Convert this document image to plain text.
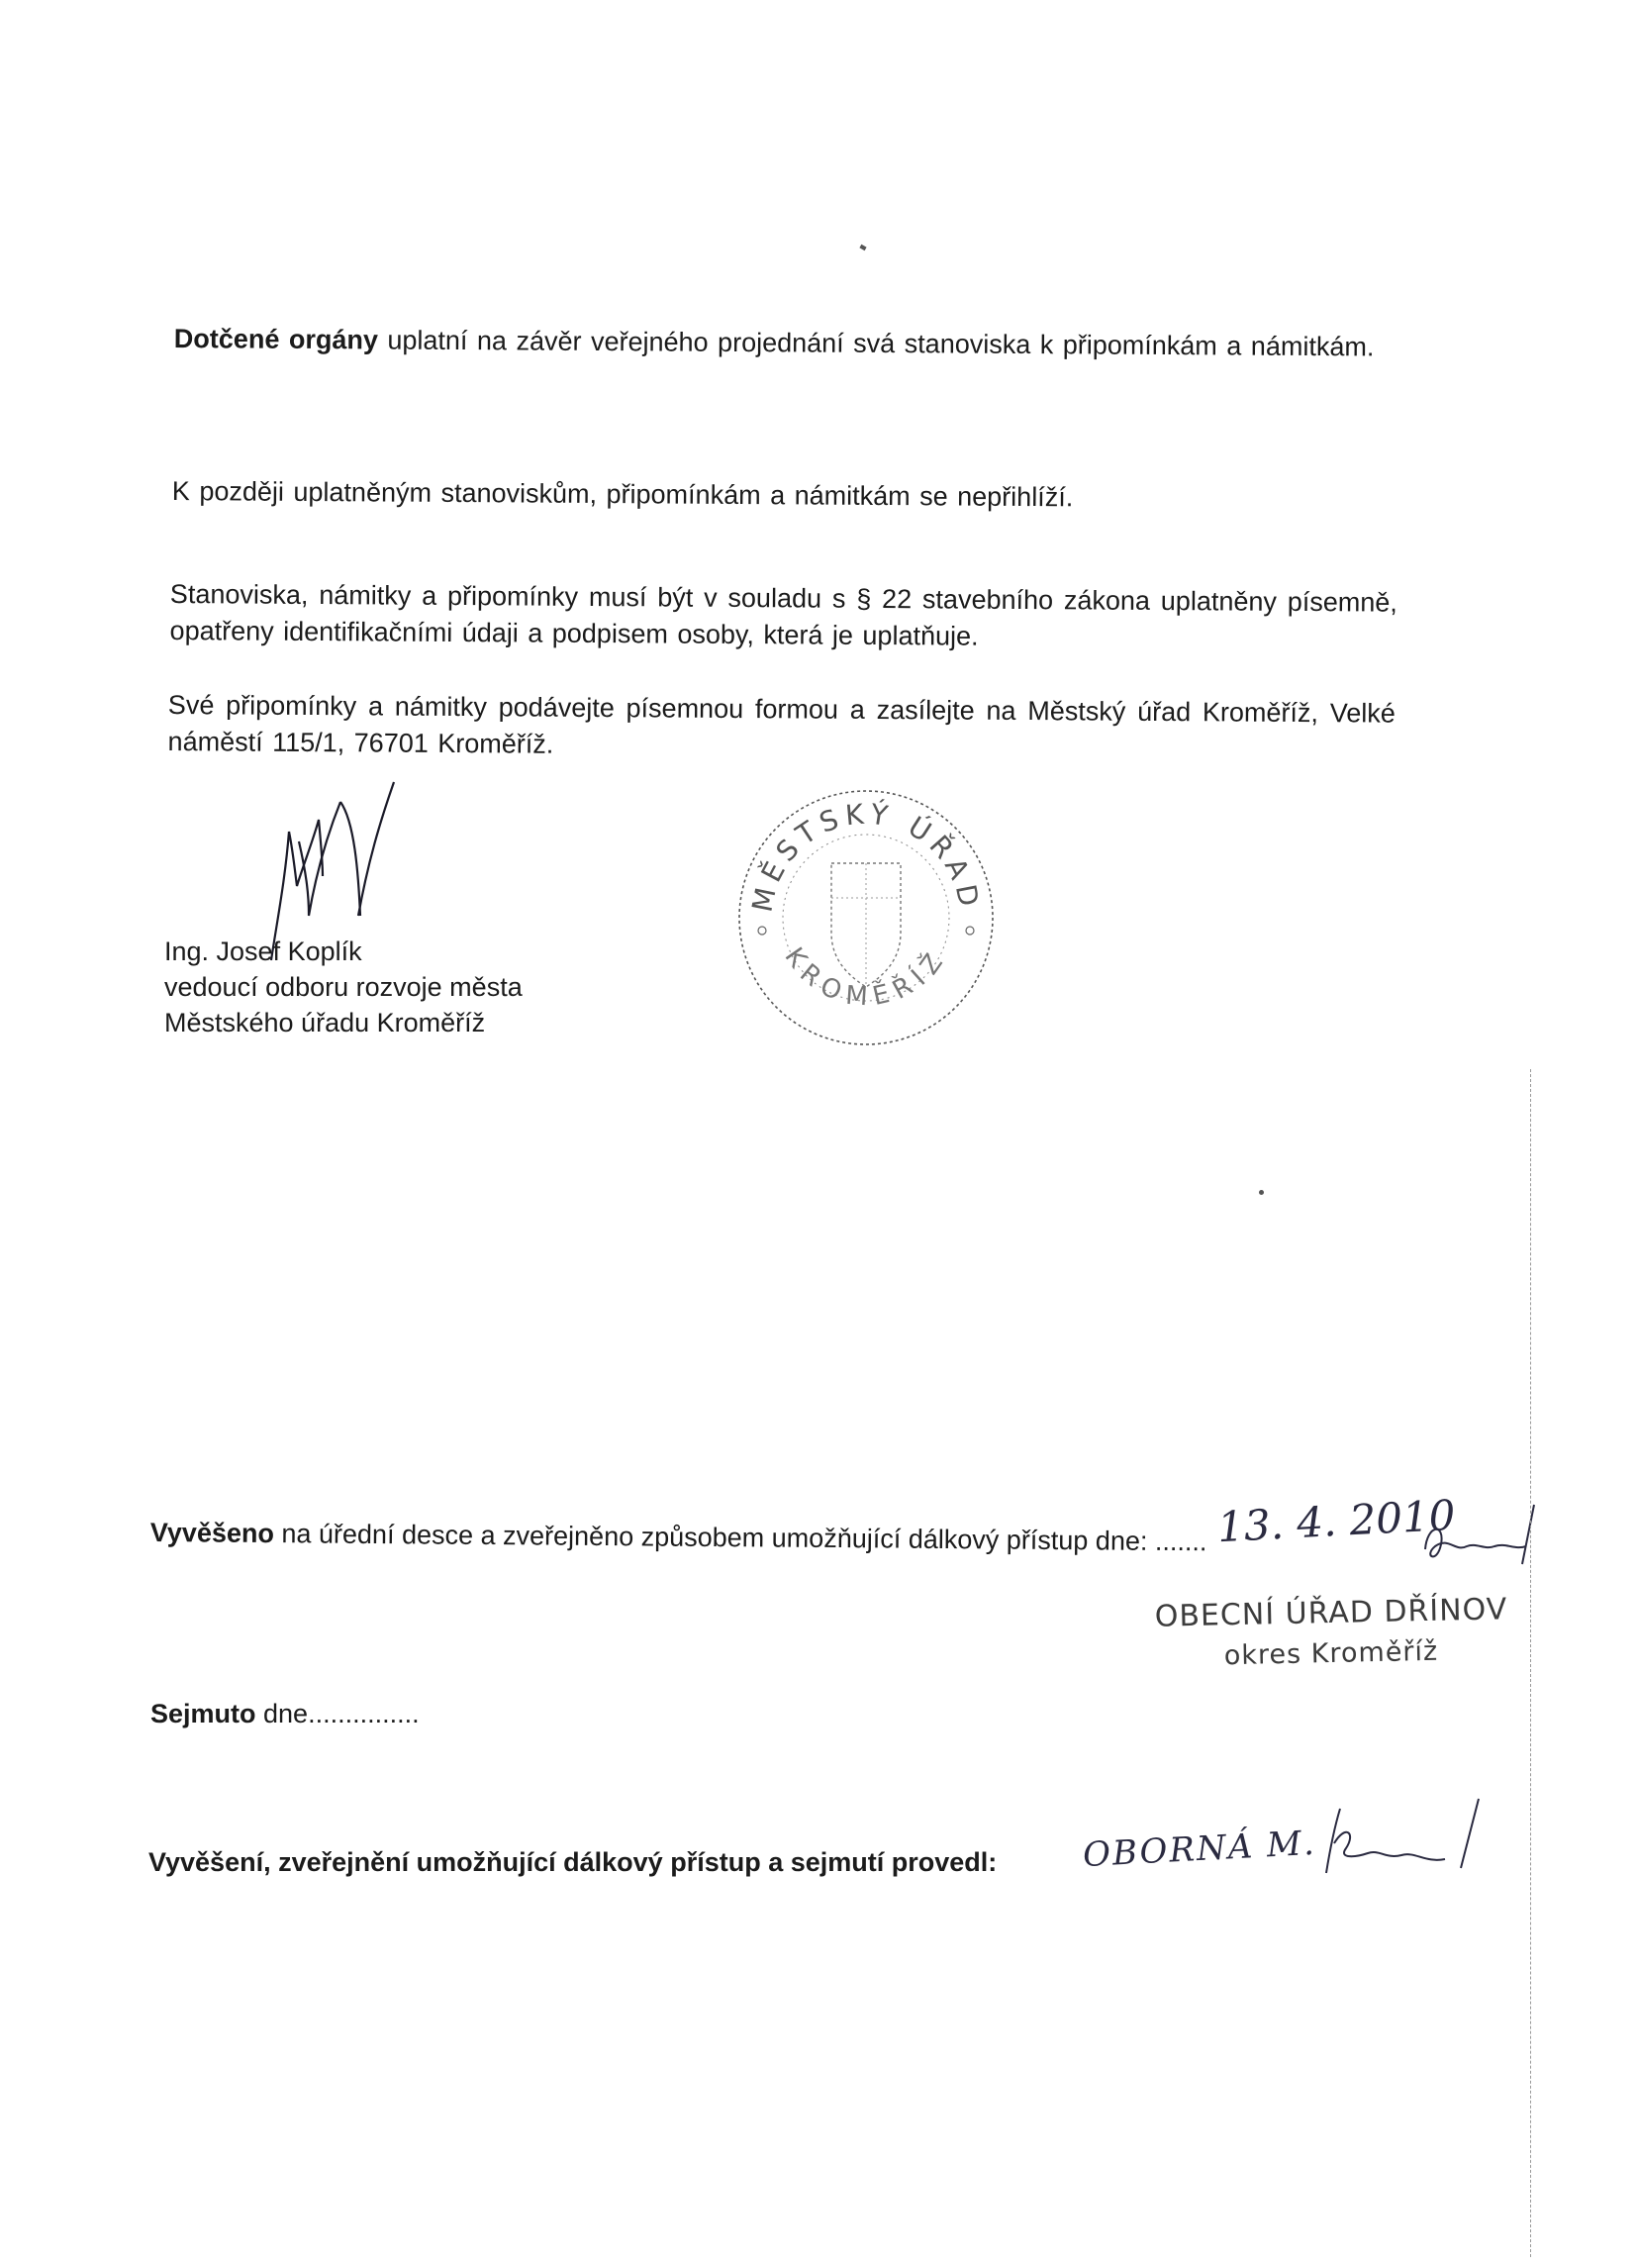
Dotčené orgány uplatní na závěr veřejného projednání svá stanoviska k připomínkám a námitkám.
K později uplatněným stanoviskům, připomínkám a námitkám se nepřihlíží.
Stanoviska, námitky a připomínky musí být v souladu s § 22 stavebního zákona uplatněny písemně, opatřeny identifikačními údaji a podpisem osoby, která je uplatňuje.
Své připomínky a námitky podávejte písemnou formou a zasílejte na Městský úřad Kroměříž, Velké náměstí 115/1, 76701 Kroměříž.
Ing. Josef Koplík
vedoucí odboru rozvoje města
Městského úřadu Kroměříž
MĚSTSKÝ ÚŘAD
KROMĚŘÍŽ
Vyvěšeno na úřední desce a zveřejněno způsobem umožňující dálkový přístup dne: ....... 13. 4. 2010
OBECNÍ ÚŘAD DŘÍNOV
okres Kroměříž
Sejmuto dne...............
Vyvěšení, zveřejnění umožňující dálkový přístup a sejmutí provedl:	OBORNÁ M.
